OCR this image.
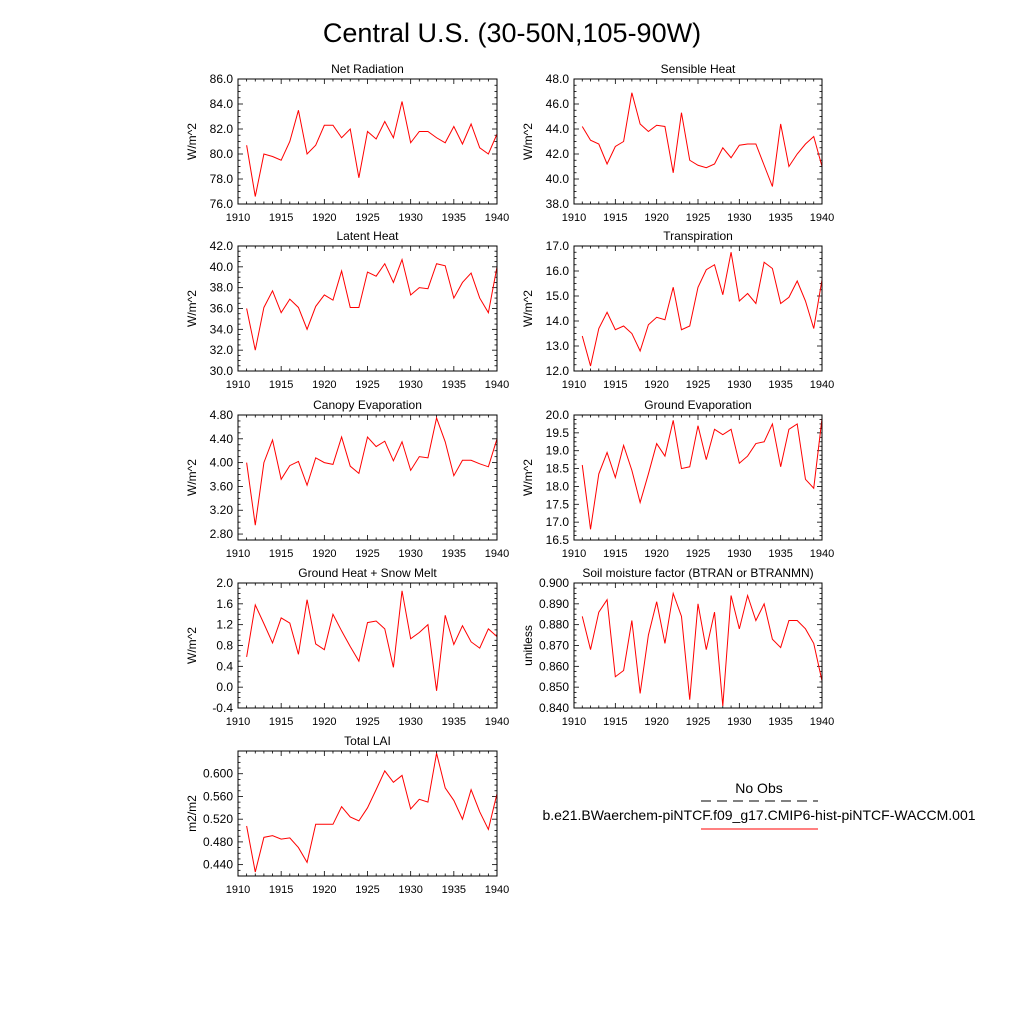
Central U.S. (30-50N,105-90W)
Net Radiation
W/m^2
1910 1915 1920 1925 1930 1935 1940
76.0
78.0
80.0
82.0
84.0
86.0
Sensible Heat
W/m^2
1910 1915 1920 1925 1930 1935 1940
38.0
40.0
42.0
44.0
46.0
48.0
Latent Heat
W/m^2
1910 1915 1920 1925 1930 1935 1940
30.0
32.0
34.0
36.0
38.0
40.0
42.0
Transpiration
W/m^2
1910 1915 1920 1925 1930 1935 1940
12.0
13.0
14.0
15.0
16.0
17.0
Canopy Evaporation
W/m^2
1910 1915 1920 1925 1930 1935 1940
2.80
3.20
3.60
4.00
4.40
4.80
Ground Evaporation
W/m^2
1910 1915 1920 1925 1930 1935 1940
16.5
17.0
17.5
18.0
18.5
19.0
19.5
20.0
Ground Heat + Snow Melt
W/m^2
1910 1915 1920 1925 1930 1935 1940
-0.4
0.0
0.4
0.8
1.2
1.6
2.0
Soil moisture factor (BTRAN or BTRANMN)
unitless
1910 1915 1920 1925 1930 1935 1940
0.840
0.850
0.860
0.870
0.880
0.890
0.900
Total LAI
m2/m2
1910 1915 1920 1925 1930 1935 1940
0.440
0.480
0.520
0.560
0.600
No Obs
b.e21.BWaerchem-piNTCF.f09_g17.CMIP6-hist-piNTCF-WACCM.001
